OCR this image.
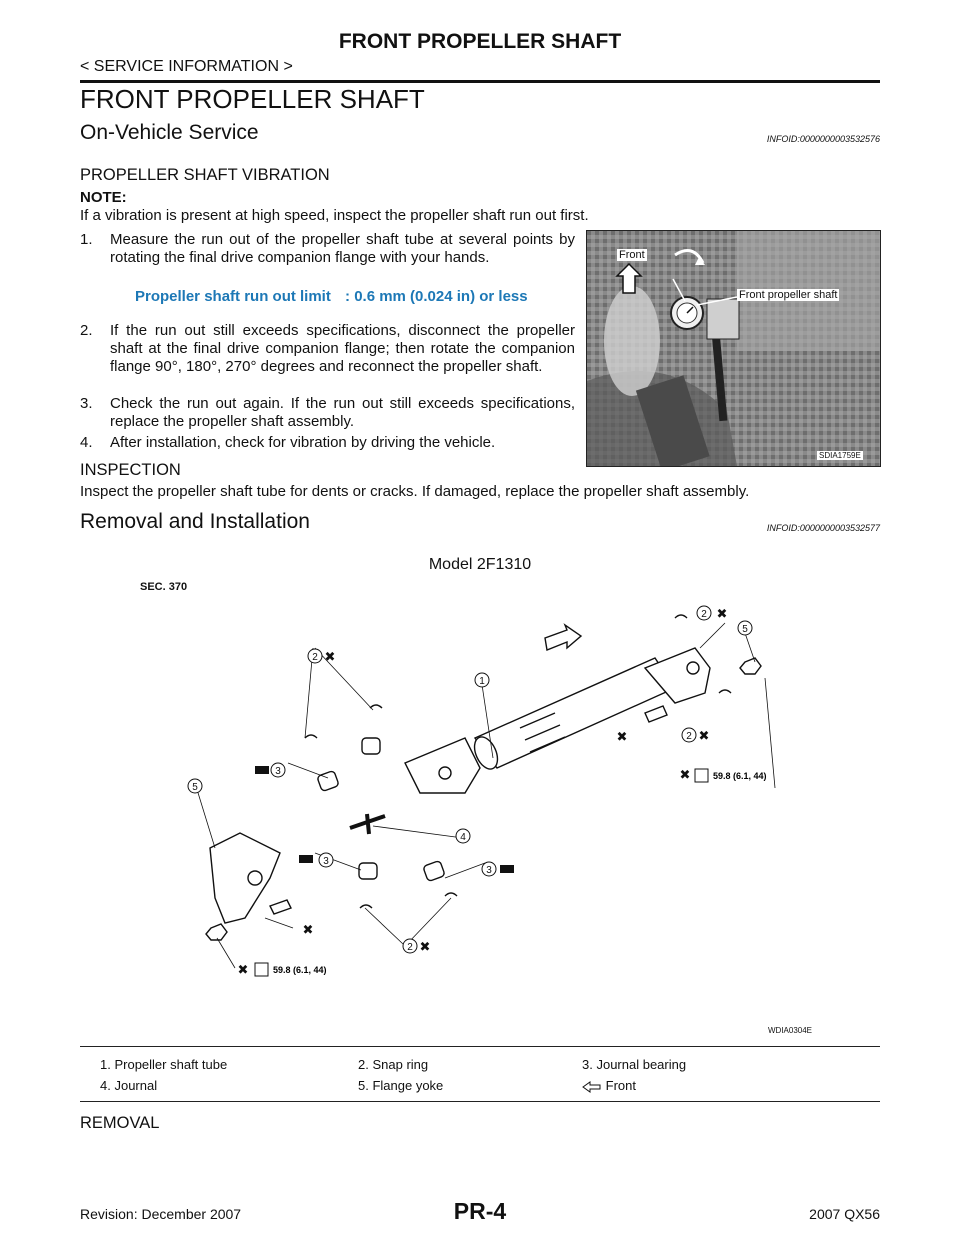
FRONT PROPELLER SHAFT
< SERVICE INFORMATION >
FRONT PROPELLER SHAFT
On-Vehicle Service	INFOID:0000000003532576
PROPELLER SHAFT VIBRATION
NOTE:
If a vibration is present at high speed, inspect the propeller shaft run out first.
1. Measure the run out of the propeller shaft tube at several points by rotating the final drive companion flange with your hands.
Propeller shaft run out limit : 0.6 mm (0.024 in) or less
2. If the run out still exceeds specifications, disconnect the propeller shaft at the final drive companion flange; then rotate the companion flange 90°, 180°, 270° degrees and reconnect the propeller shaft.
3. Check the run out again. If the run out still exceeds specifications, replace the propeller shaft assembly.
4. After installation, check for vibration by driving the vehicle.
Front
Front propeller shaft
SDIA1759E
INSPECTION
Inspect the propeller shaft tube for dents or cracks. If damaged, replace the propeller shaft assembly.
Removal and Installation	INFOID:0000000003532577
Model 2F1310
SEC. 370
1
2
3
4
5
3
3
2
2
5
2
✖
✖
✖	✖
✖
✖
✖
✖
59.8 (6.1, 44)
59.8 (6.1, 44)
WDIA0304E
1. Propeller shaft tube	2. Snap ring	3. Journal bearing
4. Journal	5. Flange yoke	Front
REMOVAL
PR-4
Revision: December 2007	2007 QX56
